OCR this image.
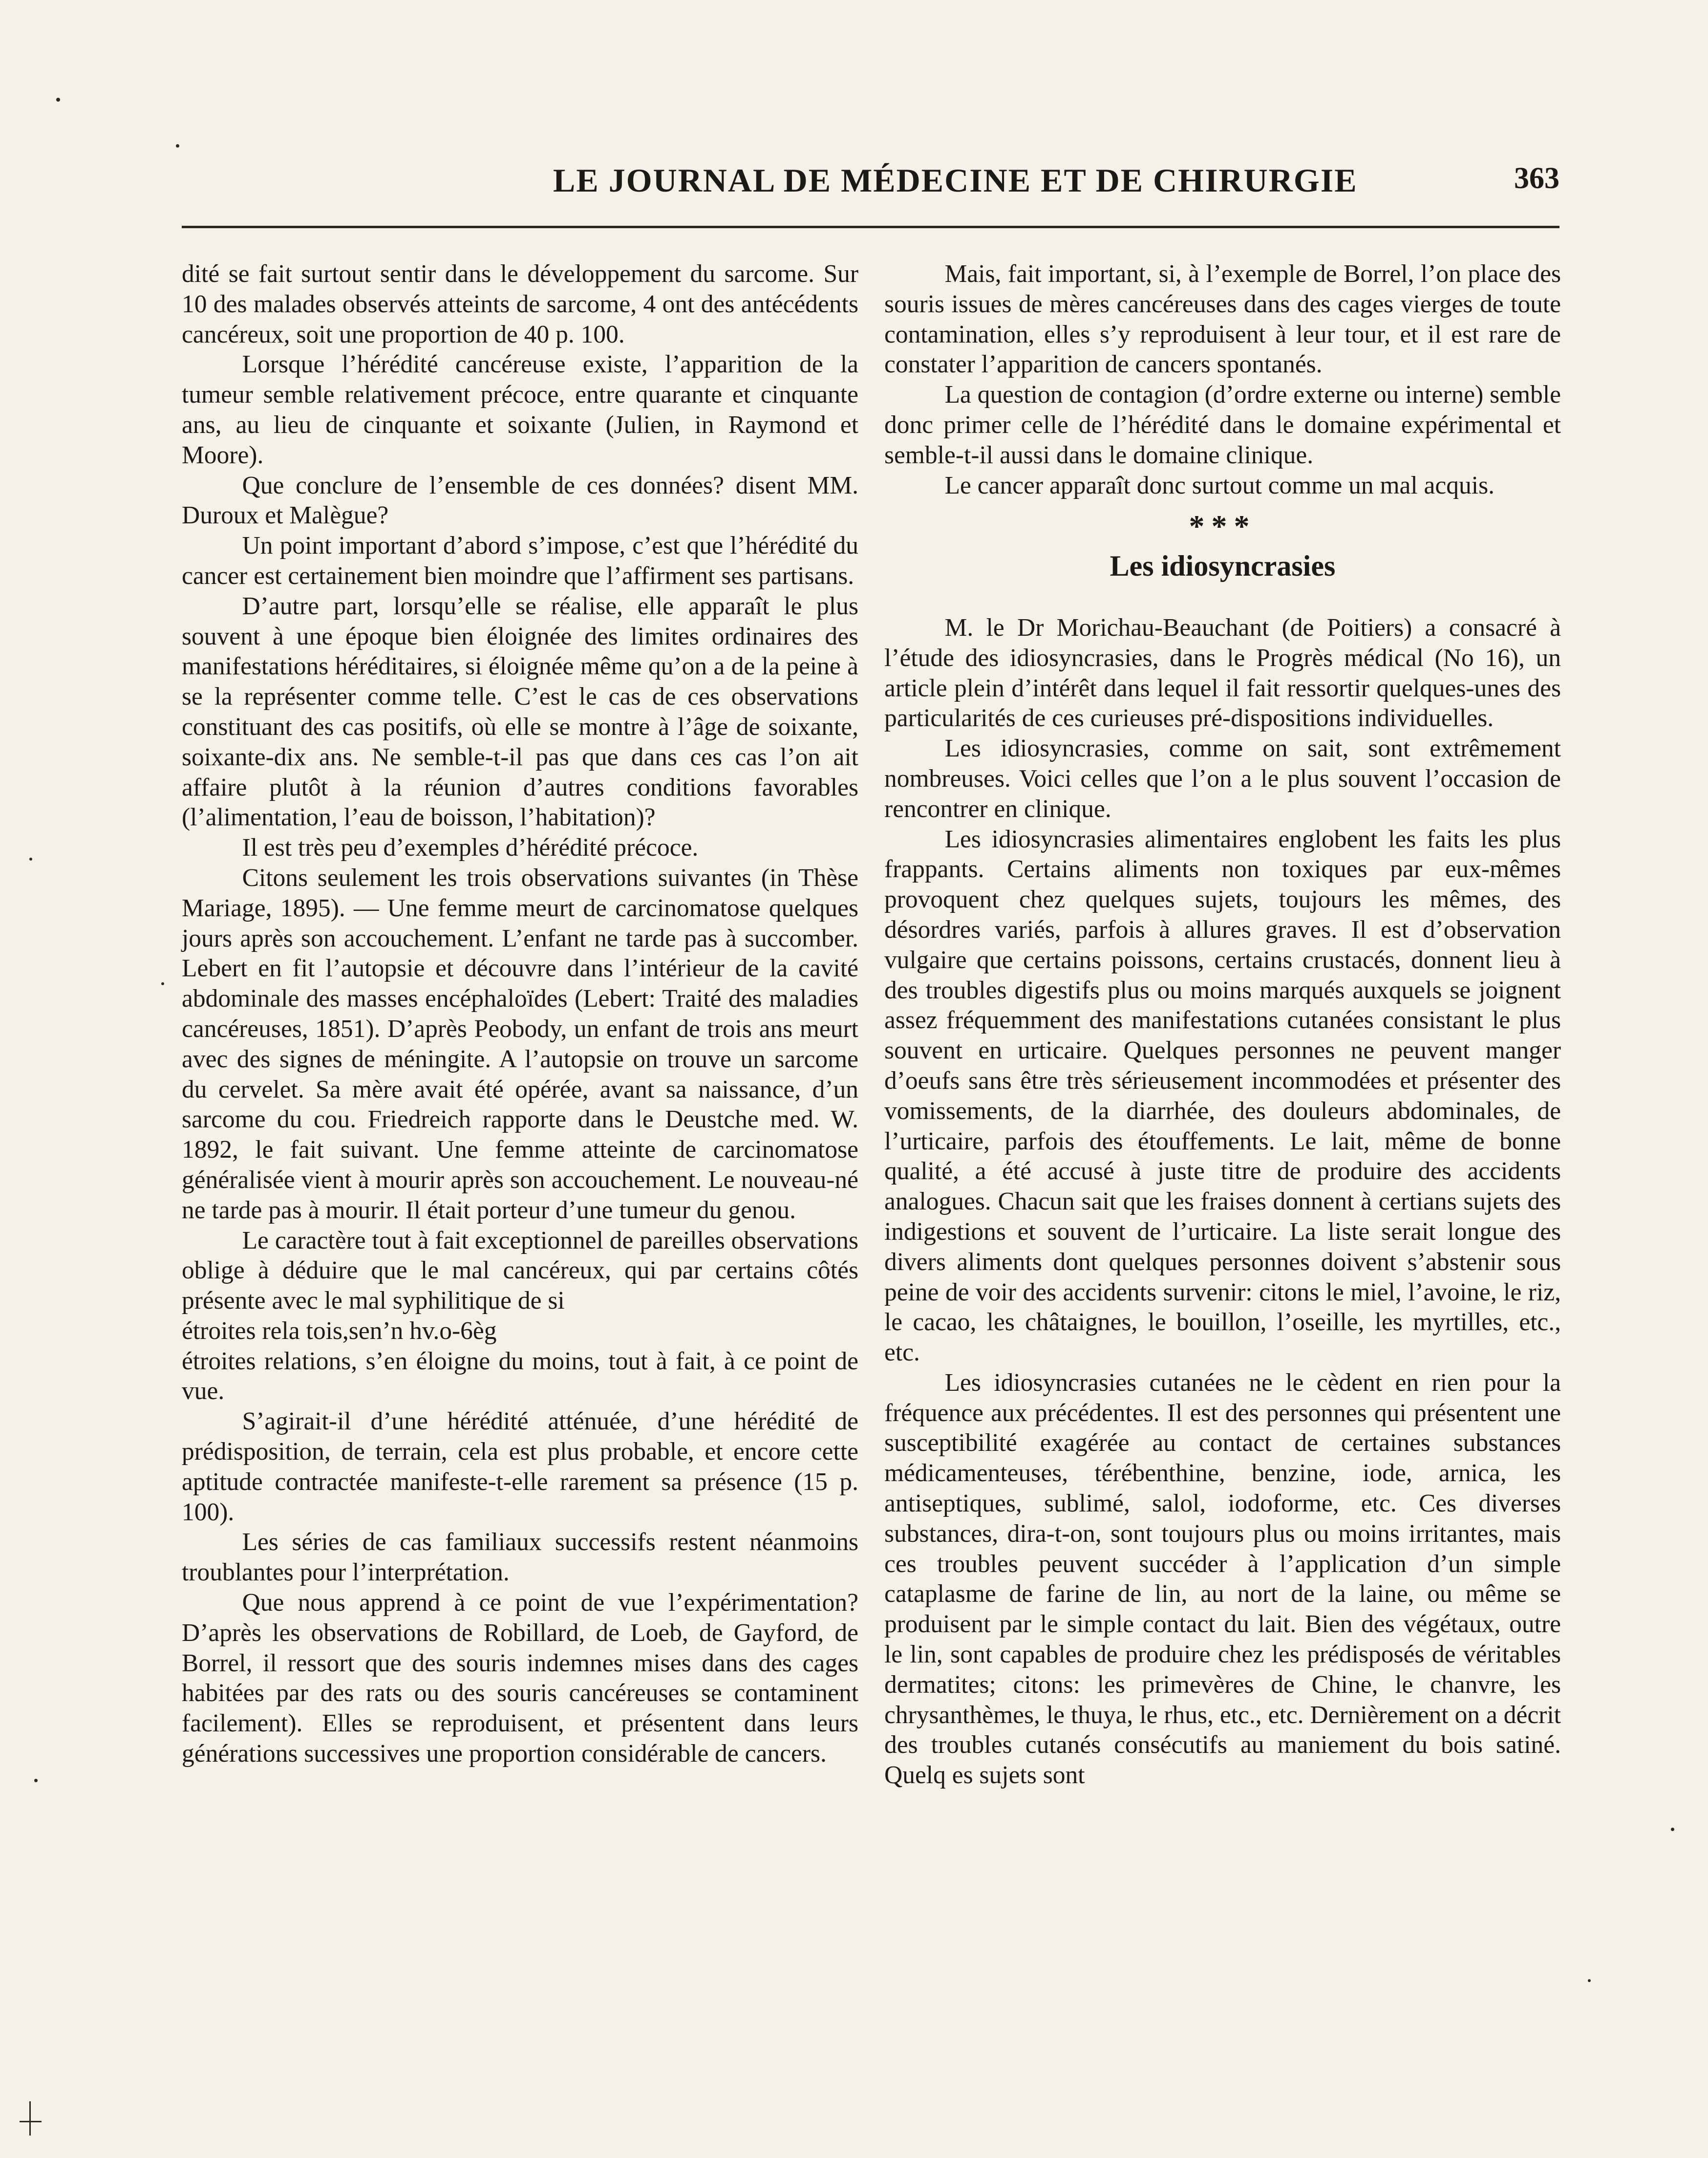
LE JOURNAL DE MÉDECINE ET DE CHIRURGIE	363

dité se fait surtout sentir dans le développement du sarcome. Sur 10 des malades observés atteints de sarcome, 4 ont des antécédents cancéreux, soit une proportion de 40 p. 100.

Lorsque l’hérédité cancéreuse existe, l’apparition de la tumeur semble relativement précoce, entre quarante et cinquante ans, au lieu de cinquante et soixante (Julien, in Raymond et Moore).

Que conclure de l’ensemble de ces données? disent MM. Duroux et Malègue?

Un point important d’abord s’impose, c’est que l’hérédité du cancer est certainement bien moindre que l’affirment ses partisans.

D’autre part, lorsqu’elle se réalise, elle apparaît le plus souvent à une époque bien éloignée des limites ordinaires des manifestations héréditaires, si éloignée même qu’on a de la peine à se la représenter comme telle. C’est le cas de ces observations constituant des cas positifs, où elle se montre à l’âge de soixante, soixante-dix ans. Ne semble-t-il pas que dans ces cas l’on ait affaire plutôt à la réunion d’autres conditions favorables (l’alimentation, l’eau de boisson, l’habitation)?

Il est très peu d’exemples d’hérédité précoce.

Citons seulement les trois observations suivantes (in Thèse Mariage, 1895). — Une femme meurt de carcinomatose quelques jours après son accouchement. L’enfant ne tarde pas à succomber. Lebert en fit l’autopsie et découvre dans l’intérieur de la cavité abdominale des masses encéphaloïdes (Lebert: Traité des maladies cancéreuses, 1851). D’après Peobody, un enfant de trois ans meurt avec des signes de méningite. A l’autopsie on trouve un sarcome du cervelet. Sa mère avait été opérée, avant sa naissance, d’un sarcome du cou. Friedreich rapporte dans le Deustche med. W. 1892, le fait suivant. Une femme atteinte de carcinomatose généralisée vient à mourir après son accouchement. Le nouveau-né ne tarde pas à mourir. Il était porteur d’une tumeur du genou.

Le caractère tout à fait exceptionnel de pareilles observations oblige à déduire que le mal cancéreux, qui par certains côtés présente avec le mal syphilitique de si

étroites rela tois,sen’n hv.o-6èg

étroites relations, s’en éloigne du moins, tout à fait, à ce point de vue.

S’agirait-il d’une hérédité atténuée, d’une hérédité de prédisposition, de terrain, cela est plus probable, et encore cette aptitude contractée manifeste-t-elle rarement sa présence (15 p. 100).

Les séries de cas familiaux successifs restent néanmoins troublantes pour l’interprétation.

Que nous apprend à ce point de vue l’expérimentation? D’après les observations de Robillard, de Loeb, de Gayford, de Borrel, il ressort que des souris indemnes mises dans des cages habitées par des rats ou des souris cancéreuses se contaminent facilement). Elles se reproduisent, et présentent dans leurs générations successives une proportion considérable de cancers.

Mais, fait important, si, à l’exemple de Borrel, l’on place des souris issues de mères cancéreuses dans des cages vierges de toute contamination, elles s’y reproduisent à leur tour, et il est rare de constater l’apparition de cancers spontanés.

La question de contagion (d’ordre externe ou interne) semble donc primer celle de l’hérédité dans le domaine expérimental et semble-t-il aussi dans le domaine clinique.

Le cancer apparaît donc surtout comme un mal acquis.

***

Les idiosyncrasies

M. le Dr Morichau-Beauchant (de Poitiers) a consacré à l’étude des idiosyncrasies, dans le Progrès médical (No 16), un article plein d’intérêt dans lequel il fait ressortir quelques-unes des particularités de ces curieuses pré-dispositions individuelles.

Les idiosyncrasies, comme on sait, sont extrêmement nombreuses. Voici celles que l’on a le plus souvent l’occasion de rencontrer en clinique.

Les idiosyncrasies alimentaires englobent les faits les plus frappants. Certains aliments non toxiques par eux-mêmes provoquent chez quelques sujets, toujours les mêmes, des désordres variés, parfois à allures graves. Il est d’observation vulgaire que certains poissons, certains crustacés, donnent lieu à des troubles digestifs plus ou moins marqués auxquels se joignent assez fréquemment des manifestations cutanées consistant le plus souvent en urticaire. Quelques personnes ne peuvent manger d’oeufs sans être très sérieusement incommodées et présenter des vomissements, de la diarrhée, des douleurs abdominales, de l’urticaire, parfois des étouffements. Le lait, même de bonne qualité, a été accusé à juste titre de produire des accidents analogues. Chacun sait que les fraises donnent à certians sujets des indigestions et souvent de l’urticaire. La liste serait longue des divers aliments dont quelques personnes doivent s’abstenir sous peine de voir des accidents survenir: citons le miel, l’avoine, le riz, le cacao, les châtaignes, le bouillon, l’oseille, les myrtilles, etc., etc.

Les idiosyncrasies cutanées ne le cèdent en rien pour la fréquence aux précédentes. Il est des personnes qui présentent une susceptibilité exagérée au contact de certaines substances médicamenteuses, térébenthine, benzine, iode, arnica, les antiseptiques, sublimé, salol, iodoforme, etc. Ces diverses substances, dira-t-on, sont toujours plus ou moins irritantes, mais ces troubles peuvent succéder à l’application d’un simple cataplasme de farine de lin, au nort de la laine, ou même se produisent par le simple contact du lait. Bien des végétaux, outre le lin, sont capables de produire chez les prédisposés de véritables dermatites; citons: les primevères de Chine, le chanvre, les chrysanthèmes, le thuya, le rhus, etc., etc. Dernièrement on a décrit des troubles cutanés consécutifs au maniement du bois satiné. Quelq es sujets sont
